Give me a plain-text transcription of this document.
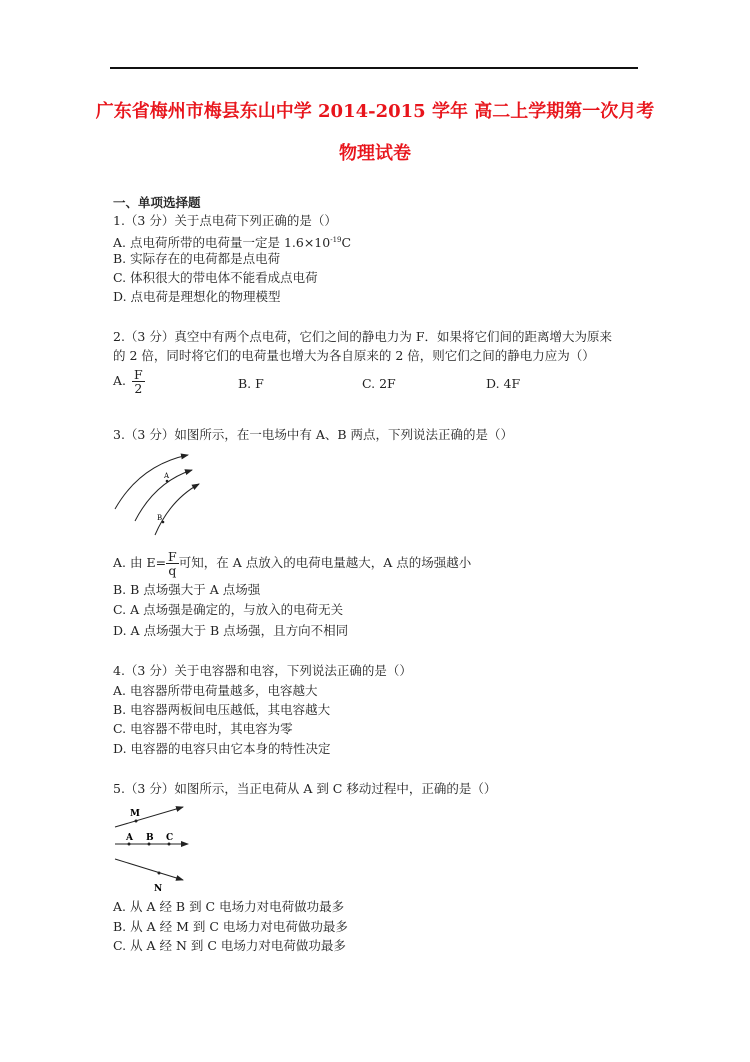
广东省梅州市梅县东山中学 2014-2015 学年 高二上学期第一次月考
物理试卷
一、单项选择题
1.（3 分）关于点电荷下列正确的是（）
A. 点电荷所带的电荷量一定是 $1.6\times 10^{-19}C$
B. 实际存在的电荷都是点电荷
C. 体积很大的带电体不能看成点电荷
D. 点电荷是理想化的物理模型
2.（3 分）真空中有两个点电荷，它们之间的静电力为 F．如果将它们间的距离增大为原来
的 2 倍，同时将它们的电荷量也增大为各自原来的 2 倍，则它们之间的静电力应为（）
A. $\frac{F}{2}$	B. F	C. 2F	D. 4F
3.（3 分）如图所示，在一电场中有 A、B 两点，下列说法正确的是（）
A
B
M
A B C
N
A. 由 $E= \frac{F}{q}$ 可知，在 A 点放入的电荷电量越大，A 点的场强越小
B. B 点场强大于 A 点场强
C. A 点场强是确定的，与放入的电荷无关
D. A 点场强大于 B 点场强，且方向不相同
4.（3 分）关于电容器和电容，下列说法正确的是（）
A. 电容器所带电荷量越多，电容越大
B. 电容器两板间电压越低，其电容越大
C. 电容器不带电时，其电容为零
D. 电容器的电容只由它本身的特性决定
5.（3 分）如图所示，当正电荷从 A 到 C 移动过程中，正确的是（）
A. 从 A 经 B 到 C 电场力对电荷做功最多
B. 从 A 经 M 到 C 电场力对电荷做功最多
C. 从 A 经 N 到 C 电场力对电荷做功最多
